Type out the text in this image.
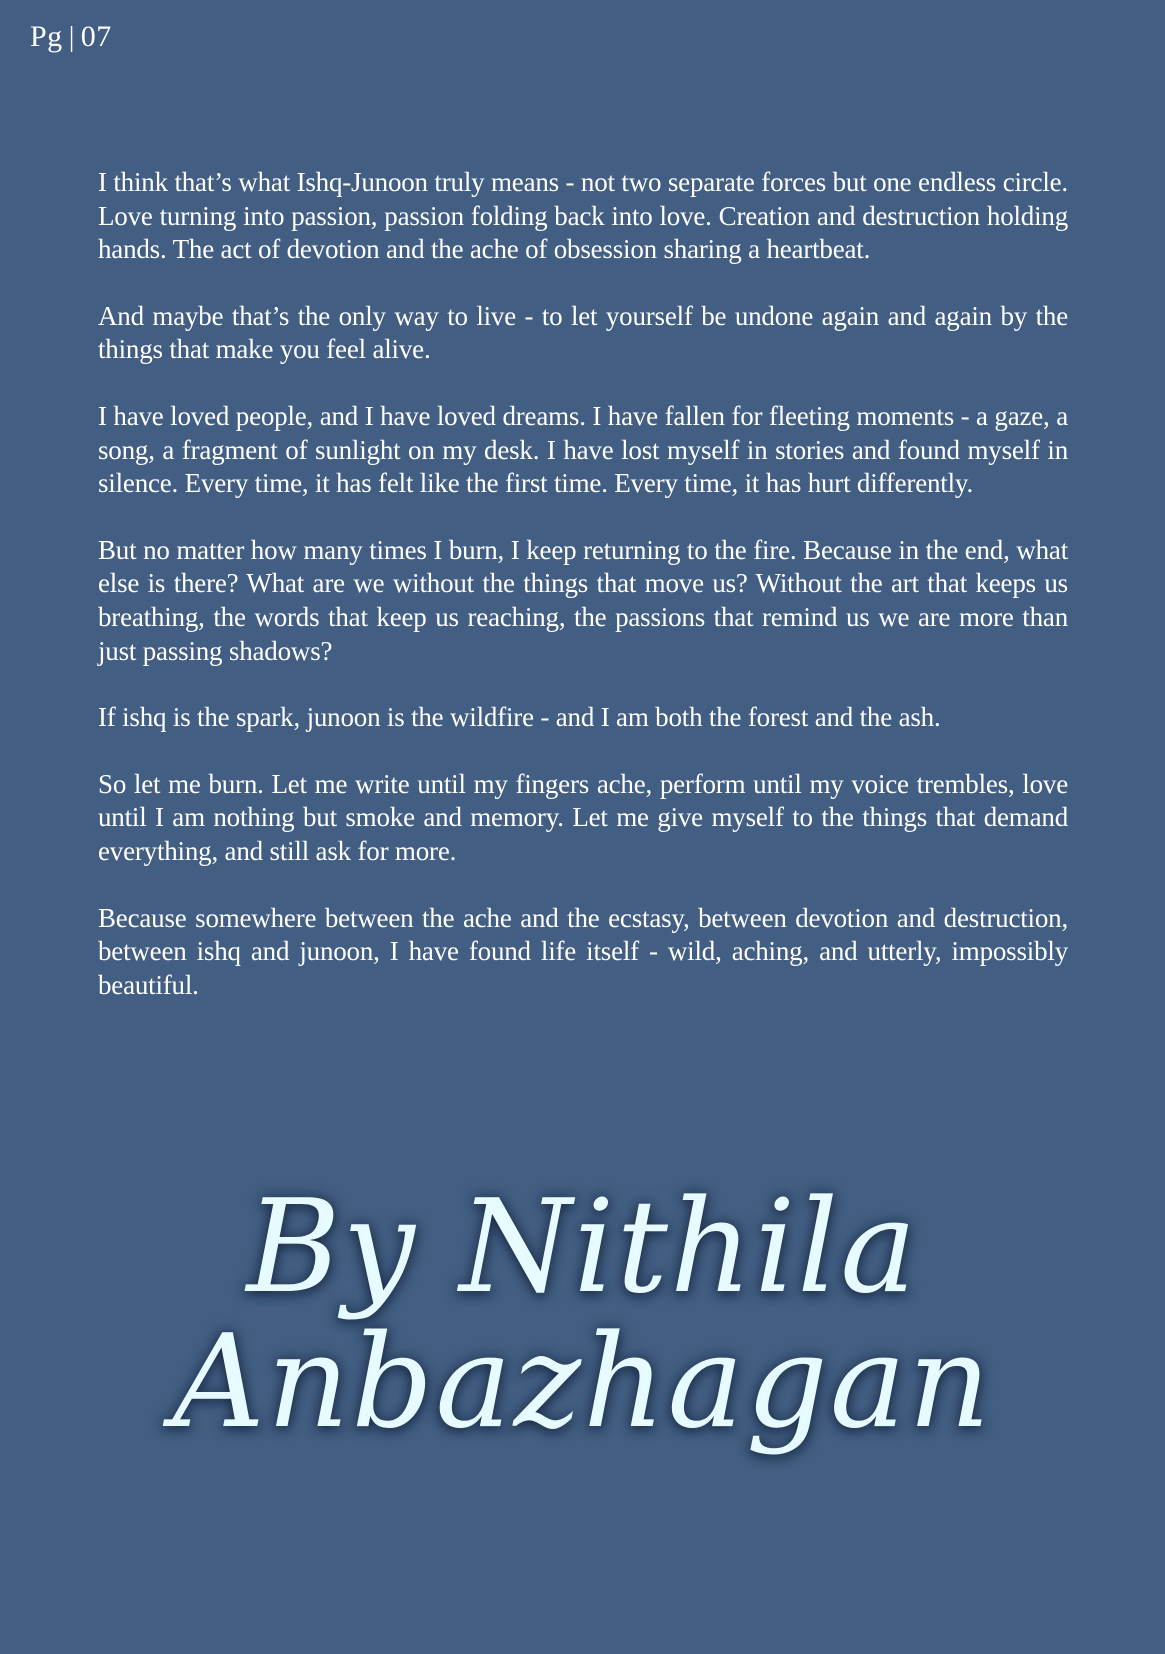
Pg | 07

I think that’s what Ishq-Junoon truly means - not two separate forces but one endless circle. Love turning into passion, passion folding back into love. Creation and destruction holding hands. The act of devotion and the ache of obsession sharing a heartbeat.

And maybe that’s the only way to live - to let yourself be undone again and again by the things that make you feel alive.

I have loved people, and I have loved dreams. I have fallen for fleeting moments - a gaze, a song, a fragment of sunlight on my desk. I have lost myself in stories and found myself in silence. Every time, it has felt like the first time. Every time, it has hurt differently.

But no matter how many times I burn, I keep returning to the fire. Because in the end, what else is there? What are we without the things that move us? Without the art that keeps us breathing, the words that keep us reaching, the passions that remind us we are more than just passing shadows?

If ishq is the spark, junoon is the wildfire - and I am both the forest and the ash.

So let me burn. Let me write until my fingers ache, perform until my voice trembles, love until I am nothing but smoke and memory. Let me give myself to the things that demand everything, and still ask for more.

Because somewhere between the ache and the ecstasy, between devotion and destruction, between ishq and junoon, I have found life itself - wild, aching, and utterly, impossibly beautiful.

By Nithila
Anbazhagan
